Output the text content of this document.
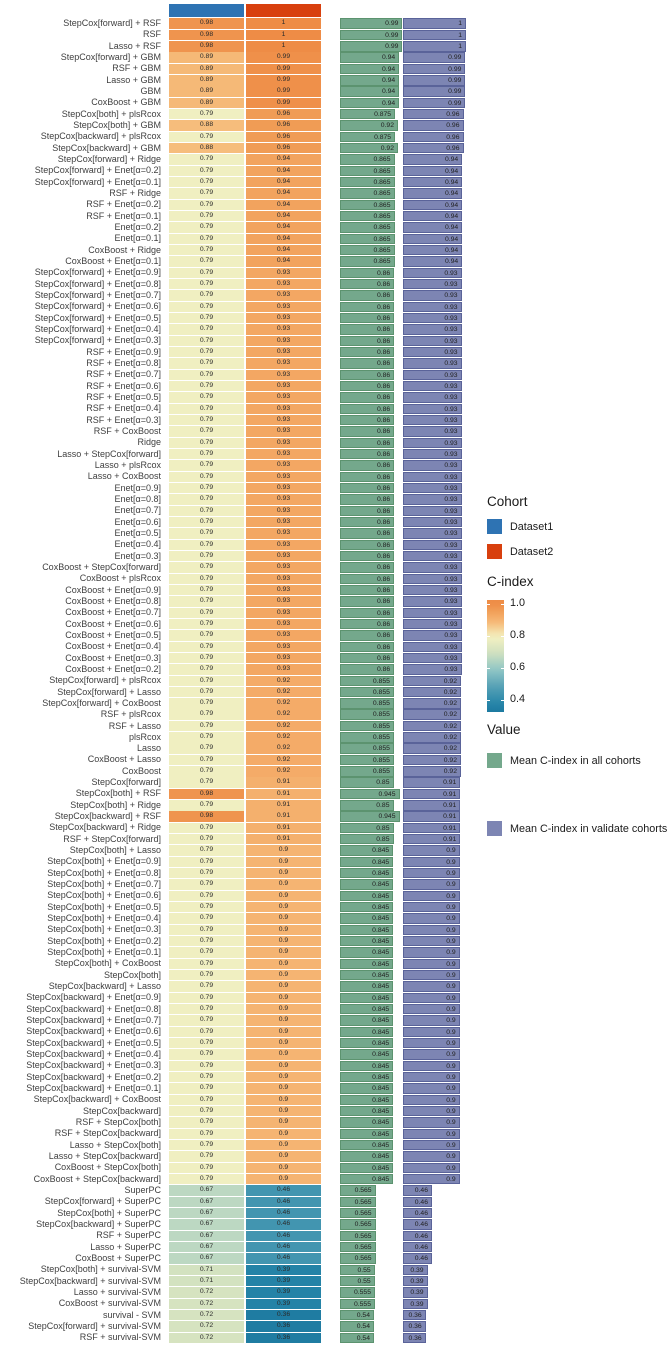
StepCox[forward] + RSF	0.98	1	0.99	1
RSF	0.98	1	0.99	1
Lasso + RSF	0.98	1	0.99	1
StepCox[forward] + GBM	0.89	0.99	0.94	0.99
RSF + GBM	0.89	0.99	0.94	0.99
Lasso + GBM	0.89	0.99	0.94	0.99
GBM	0.89	0.99	0.94	0.99
CoxBoost + GBM	0.89	0.99	0.94	0.99
StepCox[both] + plsRcox	0.79	0.96	0.875	0.96
StepCox[both] + GBM	0.88	0.96	0.92	0.96
StepCox[backward] + plsRcox	0.79	0.96	0.875	0.96
StepCox[backward] + GBM	0.88	0.96	0.92	0.96
StepCox[forward] + Ridge	0.79	0.94	0.865	0.94
StepCox[forward] + Enet[α=0.2]	0.79	0.94	0.865	0.94
StepCox[forward] + Enet[α=0.1]	0.79	0.94	0.865	0.94
RSF + Ridge	0.79	0.94	0.865	0.94
RSF + Enet[α=0.2]	0.79	0.94	0.865	0.94
RSF + Enet[α=0.1]	0.79	0.94	0.865	0.94
Enet[α=0.2]	0.79	0.94	0.865	0.94
Enet[α=0.1]	0.79	0.94	0.865	0.94
CoxBoost + Ridge	0.79	0.94	0.865	0.94
CoxBoost + Enet[α=0.1]	0.79	0.94	0.865	0.94
StepCox[forward] + Enet[α=0.9]	0.79	0.93	0.86	0.93
StepCox[forward] + Enet[α=0.8]	0.79	0.93	0.86	0.93
StepCox[forward] + Enet[α=0.7]	0.79	0.93	0.86	0.93
StepCox[forward] + Enet[α=0.6]	0.79	0.93	0.86	0.93
StepCox[forward] + Enet[α=0.5]	0.79	0.93	0.86	0.93
StepCox[forward] + Enet[α=0.4]	0.79	0.93	0.86	0.93
StepCox[forward] + Enet[α=0.3]	0.79	0.93	0.86	0.93
RSF + Enet[α=0.9]	0.79	0.93	0.86	0.93
RSF + Enet[α=0.8]	0.79	0.93	0.86	0.93
RSF + Enet[α=0.7]	0.79	0.93	0.86	0.93
RSF + Enet[α=0.6]	0.79	0.93	0.86	0.93
RSF + Enet[α=0.5]	0.79	0.93	0.86	0.93
RSF + Enet[α=0.4]	0.79	0.93	0.86	0.93
RSF + Enet[α=0.3]	0.79	0.93	0.86	0.93
RSF + CoxBoost	0.79	0.93	0.86	0.93
Ridge	0.79	0.93	0.86	0.93
Lasso + StepCox[forward]	0.79	0.93	0.86	0.93
Lasso + plsRcox	0.79	0.93	0.86	0.93
Lasso + CoxBoost	0.79	0.93	0.86	0.93
Enet[α=0.9]	0.79	0.93	0.86	0.93
Enet[α=0.8]	0.79	0.93	0.86	0.93
Enet[α=0.7]	0.79	0.93	0.86	0.93
Enet[α=0.6]	0.79	0.93	0.86	0.93
Enet[α=0.5]	0.79	0.93	0.86	0.93
Enet[α=0.4]	0.79	0.93	0.86	0.93
Enet[α=0.3]	0.79	0.93	0.86	0.93
CoxBoost + StepCox[forward]	0.79	0.93	0.86	0.93
CoxBoost + plsRcox	0.79	0.93	0.86	0.93
CoxBoost + Enet[α=0.9]	0.79	0.93	0.86	0.93
CoxBoost + Enet[α=0.8]	0.79	0.93	0.86	0.93
CoxBoost + Enet[α=0.7]	0.79	0.93	0.86	0.93
CoxBoost + Enet[α=0.6]	0.79	0.93	0.86	0.93
CoxBoost + Enet[α=0.5]	0.79	0.93	0.86	0.93
CoxBoost + Enet[α=0.4]	0.79	0.93	0.86	0.93
CoxBoost + Enet[α=0.3]	0.79	0.93	0.86	0.93
CoxBoost + Enet[α=0.2]	0.79	0.93	0.86	0.93
StepCox[forward] + plsRcox	0.79	0.92	0.855	0.92
StepCox[forward] + Lasso	0.79	0.92	0.855	0.92
StepCox[forward] + CoxBoost	0.79	0.92	0.855	0.92
RSF + plsRcox	0.79	0.92	0.855	0.92
RSF + Lasso	0.79	0.92	0.855	0.92
plsRcox	0.79	0.92	0.855	0.92
Lasso	0.79	0.92	0.855	0.92
CoxBoost + Lasso	0.79	0.92	0.855	0.92
CoxBoost	0.79	0.92	0.855	0.92
StepCox[forward]	0.79	0.91	0.85	0.91
StepCox[both] + RSF	0.98	0.91	0.945	0.91
StepCox[both] + Ridge	0.79	0.91	0.85	0.91
StepCox[backward] + RSF	0.98	0.91	0.945	0.91
StepCox[backward] + Ridge	0.79	0.91	0.85	0.91
RSF + StepCox[forward]	0.79	0.91	0.85	0.91
StepCox[both] + Lasso	0.79	0.9	0.845	0.9
StepCox[both] + Enet[α=0.9]	0.79	0.9	0.845	0.9
StepCox[both] + Enet[α=0.8]	0.79	0.9	0.845	0.9
StepCox[both] + Enet[α=0.7]	0.79	0.9	0.845	0.9
StepCox[both] + Enet[α=0.6]	0.79	0.9	0.845	0.9
StepCox[both] + Enet[α=0.5]	0.79	0.9	0.845	0.9
StepCox[both] + Enet[α=0.4]	0.79	0.9	0.845	0.9
StepCox[both] + Enet[α=0.3]	0.79	0.9	0.845	0.9
StepCox[both] + Enet[α=0.2]	0.79	0.9	0.845	0.9
StepCox[both] + Enet[α=0.1]	0.79	0.9	0.845	0.9
StepCox[both] + CoxBoost	0.79	0.9	0.845	0.9
StepCox[both]	0.79	0.9	0.845	0.9
StepCox[backward] + Lasso	0.79	0.9	0.845	0.9
StepCox[backward] + Enet[α=0.9]	0.79	0.9	0.845	0.9
StepCox[backward] + Enet[α=0.8]	0.79	0.9	0.845	0.9
StepCox[backward] + Enet[α=0.7]	0.79	0.9	0.845	0.9
StepCox[backward] + Enet[α=0.6]	0.79	0.9	0.845	0.9
StepCox[backward] + Enet[α=0.5]	0.79	0.9	0.845	0.9
StepCox[backward] + Enet[α=0.4]	0.79	0.9	0.845	0.9
StepCox[backward] + Enet[α=0.3]	0.79	0.9	0.845	0.9
StepCox[backward] + Enet[α=0.2]	0.79	0.9	0.845	0.9
StepCox[backward] + Enet[α=0.1]	0.79	0.9	0.845	0.9
StepCox[backward] + CoxBoost	0.79	0.9	0.845	0.9
StepCox[backward]	0.79	0.9	0.845	0.9
RSF + StepCox[both]	0.79	0.9	0.845	0.9
RSF + StepCox[backward]	0.79	0.9	0.845	0.9
Lasso + StepCox[both]	0.79	0.9	0.845	0.9
Lasso + StepCox[backward]	0.79	0.9	0.845	0.9
CoxBoost + StepCox[both]	0.79	0.9	0.845	0.9
CoxBoost + StepCox[backward]	0.79	0.9	0.845	0.9
SuperPC	0.67	0.46	0.565	0.46
StepCox[forward] + SuperPC	0.67	0.46	0.565	0.46
StepCox[both] + SuperPC	0.67	0.46	0.565	0.46
StepCox[backward] + SuperPC	0.67	0.46	0.565	0.46
RSF + SuperPC	0.67	0.46	0.565	0.46
Lasso + SuperPC	0.67	0.46	0.565	0.46
CoxBoost + SuperPC	0.67	0.46	0.565	0.46
StepCox[both] + survival-SVM	0.71	0.39	0.55	0.39
StepCox[backward] + survival-SVM	0.71	0.39	0.55	0.39
Lasso + survival-SVM	0.72	0.39	0.555	0.39
CoxBoost + survival-SVM	0.72	0.39	0.555	0.39
survival - SVM	0.72	0.36	0.54	0.36
StepCox[forward] + survival-SVM	0.72	0.36	0.54	0.36
RSF + survival-SVM	0.72	0.36	0.54	0.36
Cohort
Dataset1
Dataset2
C-index
1.0
0.8
0.6
0.4
Value
Mean C-index in all cohorts
Mean C-index in validate cohorts
